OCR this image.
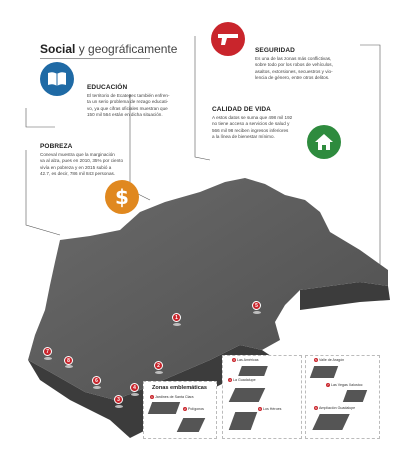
Social y geográficamente
EDUCACIÓN
El territorio de Ecatepec también enfren-
ta un serio problema de rezago educati-
vo, ya que cifras oficiales muestran que
150 mil 564 están en dicha situación.
POBREZA
Coneval muestra que la marginación
va al alza, pues en 2010, 35% por ciento
vivía en pobreza y en 2015 subió a
42.7, es decir, 786 mil 843 personas.
$
SEGURIDAD
Es una de las zonas más conflictivas,
sobre todo por los robos de vehículos,
asaltos, extorsiones, secuestros y vio-
lencia de género, entre otros delitos.
CALIDAD DE VIDA
A estos datos se suma que 498 mil 192
no tiene acceso a servicios de salud y
566 mil 98 reciben ingresos inferiores
a la línea de bienestar mínimo.
1
2
3
4
5
6
7
8
Zonas emblemáticas
1 Jardines de Santa Clara
2 Polígonos
3 Las Américas
4 La Guadalupe
6 Los Héroes
5 Valle de Aragón
7 Las Vegas Xalostoc
9 Ampliación Guadalupe
